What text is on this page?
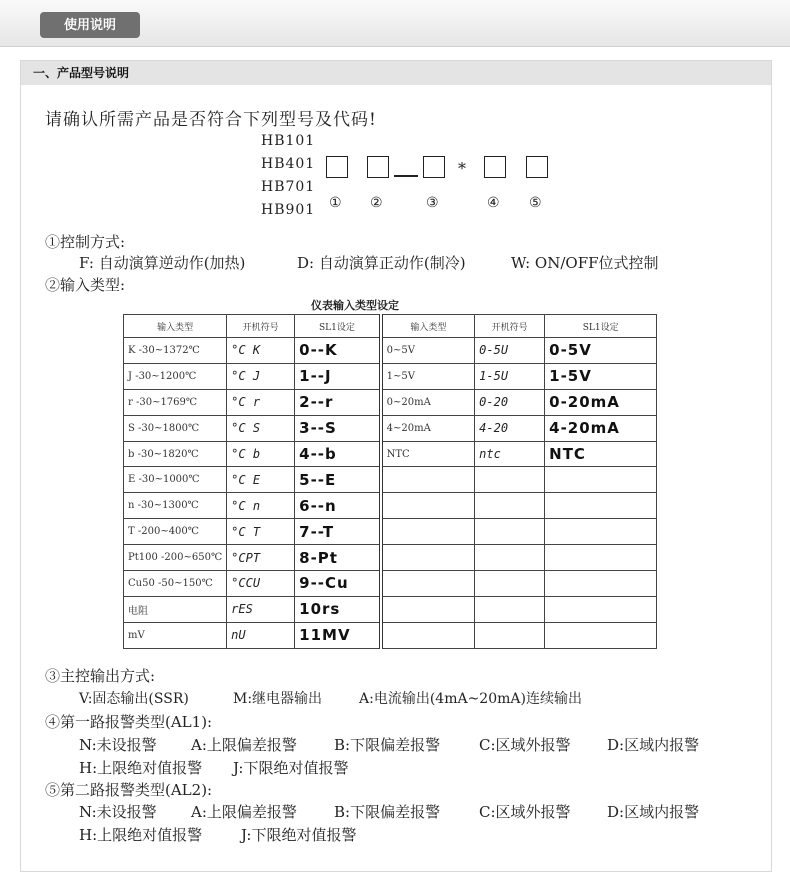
使用说明
一、产品型号说明
请确认所需产品是否符合下列型号及代码!
HB101
HB401
HB701
HB901
*
① ②	③	④ ⑤
①控制方式:
F: 自动演算逆动作(加热)	D: 自动演算正动作(制冷)	W: ON/OFF位式控制
②输入类型:
仪表输入类型设定
输入类型	开机符号	SL1设定	输入类型	开机符号	SL1设定
K -30~1372℃	°C K	0--K	0~5V	0-5U	0-5V
J -30~1200℃	°C J	1--J	1~5V	1-5U	1-5V
r -30~1769℃	°C r	2--r	0~20mA	0-20	0-20mA
S -30~1800℃	°C S	3--S	4~20mA	4-20	4-20mA
b -30~1820℃	°C b	4--b	NTC	ntc	NTC
E -30~1000℃	°C E	5--E			
n -30~1300℃	°C n	6--n			
T -200~400℃	°C T	7--T			
Pt100 -200~650℃	°CPT	8-Pt			
Cu50 -50~150℃	°CCU	9--Cu			
电阻	rES	10rs			
mV	nU	11MV			
③主控输出方式:
V:固态输出(SSR)	M:继电器输出	A:电流输出(4mA~20mA)连续输出
④第一路报警类型(AL1):
N:未设报警 A:上限偏差报警 B:下限偏差报警	C:区域外报警 D:区域内报警
H:上限绝对值报警 J:下限绝对值报警
⑤第二路报警类型(AL2):
N:未设报警 A:上限偏差报警 B:下限偏差报警	C:区域外报警 D:区域内报警
H:上限绝对值报警	J:下限绝对值报警
